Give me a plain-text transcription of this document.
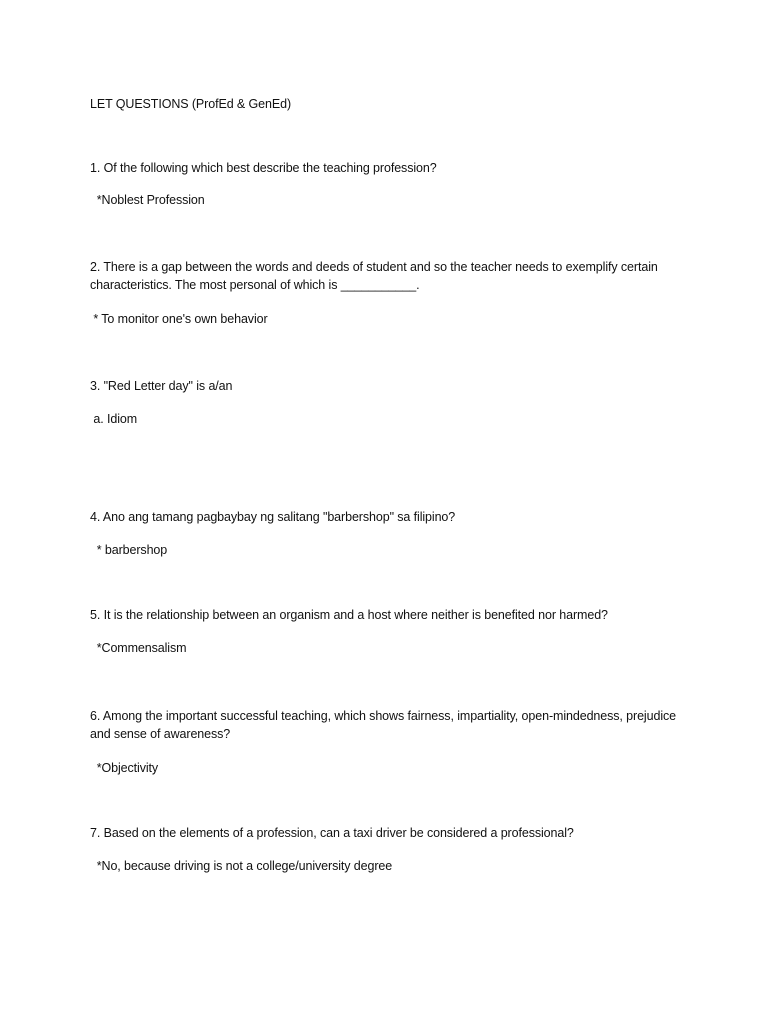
LET QUESTIONS (ProfEd & GenEd)
1. Of the following which best describe the teaching profession?
*Noblest Profession
2. There is a gap between the words and deeds of student and so the teacher needs to exemplify certain characteristics. The most personal of which is ___________.
* To monitor one's own behavior
3. "Red Letter day" is a/an
a. Idiom
4. Ano ang tamang pagbaybay ng salitang "barbershop" sa filipino?
* barbershop
5. It is the relationship between an organism and a host where neither is benefited nor harmed?
*Commensalism
6. Among the important successful teaching, which shows fairness, impartiality, open-mindedness, prejudice and sense of awareness?
*Objectivity
7. Based on the elements of a profession, can a taxi driver be considered a professional?
*No, because driving is not a college/university degree
